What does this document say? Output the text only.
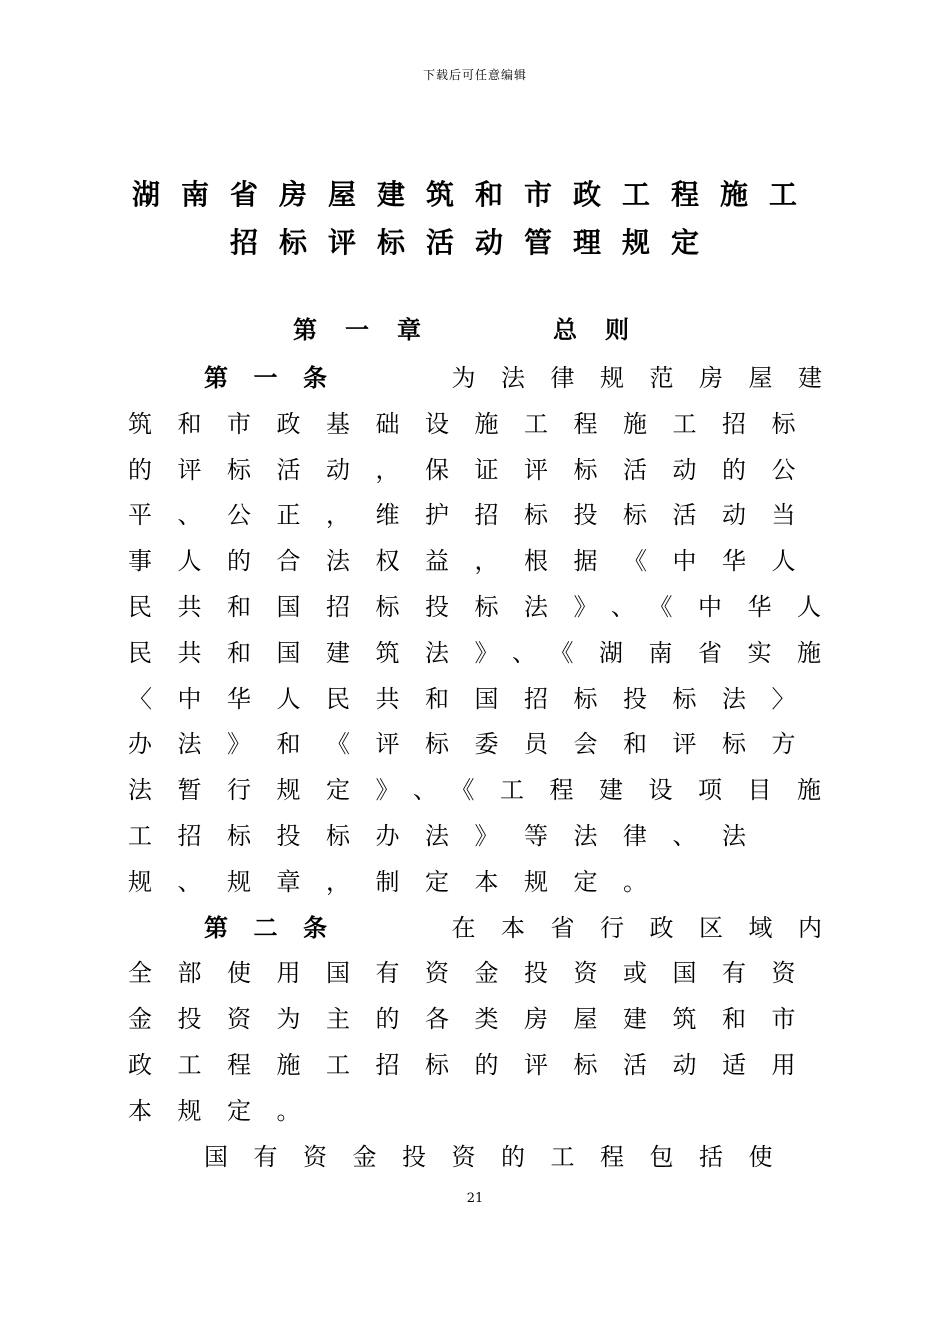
下载后可任意编辑
湖南省房屋建筑和市政工程施工
招标评标活动管理规定
第一章　　总则

第一条　　为法律规范房屋建筑和市政基础设施工程施工招标的评标活动，保证评标活动的公平、公正，维护招标投标活动当事人的合法权益，根据《中华人民共和国招标投标法》、《中华人民共和国建筑法》、《湖南省实施〈中华人民共和国招标投标法〉办法》和《评标委员会和评标方法暂行规定》、《工程建设项目施工招标投标办法》等法律、法规、规章，制定本规定。

第二条　　在本省行政区域内全部使用国有资金投资或国有资金投资为主的各类房屋建筑和市政工程施工招标的评标活动适用本规定。

国有资金投资的工程包括使

21
